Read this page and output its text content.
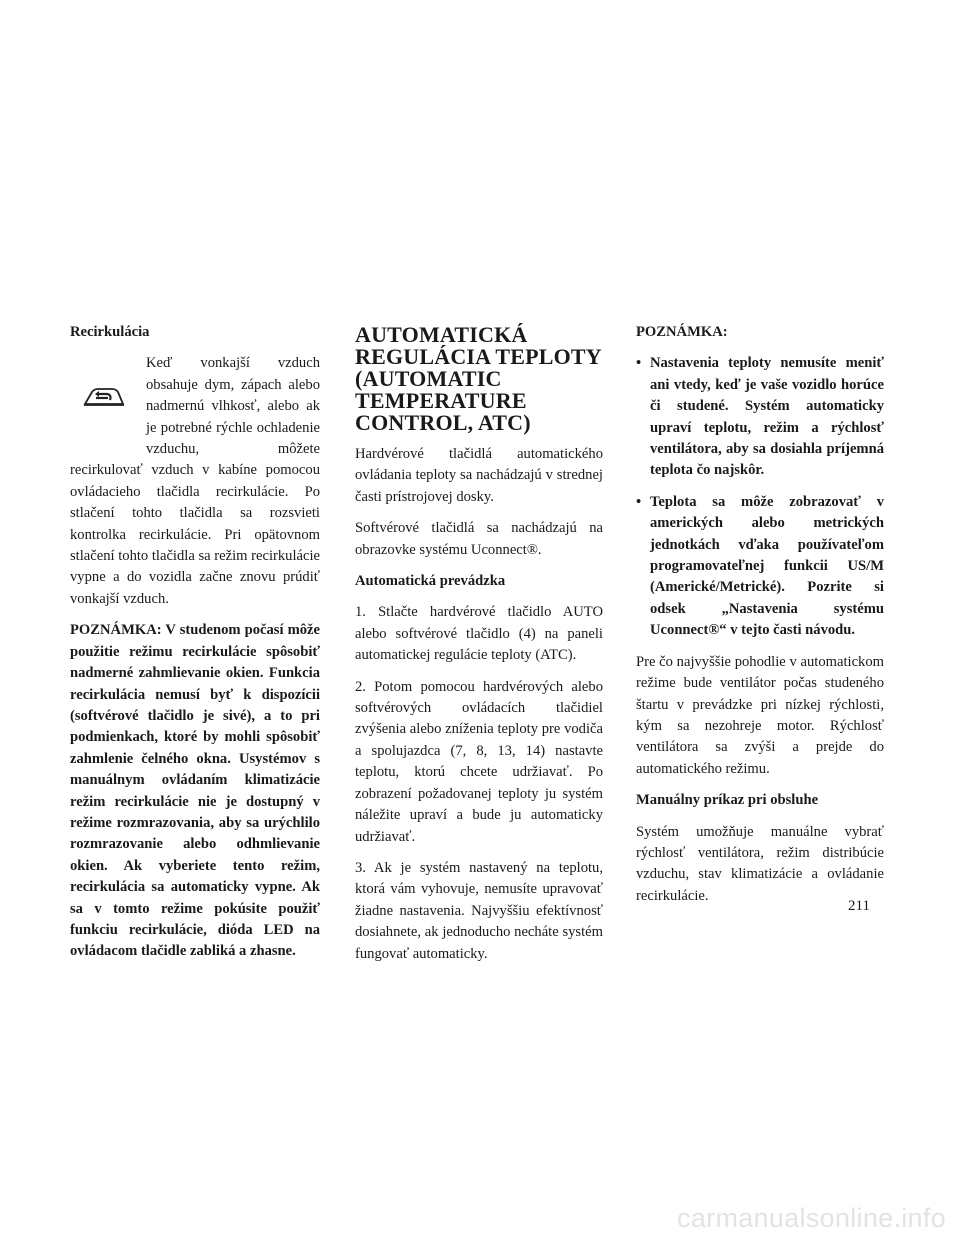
Recirkulácia

Keď vonkajší vzduch obsahuje dym, zápach alebo nadmernú vlhkosť, alebo ak je potrebné rýchle ochladenie vzduchu, môžete recirkulovať vzduch v kabíne pomocou ovládacieho tlačidla recirkulácie. Po stlačení tohto tlačidla sa rozsvieti kontrolka recirkulácie. Pri opätovnom stlačení tohto tlačidla sa režim recirkulácie vypne a do vozidla začne znovu prúdiť vonkajší vzduch.

POZNÁMKA: V studenom počasí môže použitie režimu recirkulácie spôsobiť nadmerné zahmlievanie okien. Funkcia recirkulácia nemusí byť k dispozícii (softvérové tlačidlo je sivé), a to pri podmienkach, ktoré by mohli spôsobiť zahmlenie čelného okna. Usystémov s manuálnym ovládaním klimatizácie režim recirkulácie nie je dostupný v režime rozmrazovania, aby sa urýchlilo rozmrazovanie alebo odhmlievanie okien. Ak vyberiete tento režim, recirkulácia sa automaticky vypne. Ak sa v tomto režime pokúsite použiť funkciu recirkulácie, dióda LED na ovládacom tlačidle zabliká a zhasne.

AUTOMATICKÁ
REGULÁCIA TEPLOTY
(AUTOMATIC
TEMPERATURE
CONTROL, ATC)

Hardvérové tlačidlá automatického ovládania teploty sa nachádzajú v strednej časti prístrojovej dosky.

Softvérové tlačidlá sa nachádzajú na obrazovke systému Uconnect®.

Automatická prevádzka

1. Stlačte hardvérové tlačidlo AUTO alebo softvérové tlačidlo (4) na paneli automatickej regulácie teploty (ATC).

2. Potom pomocou hardvérových alebo softvérových ovládacích tlačidiel zvýšenia alebo zníženia teploty pre vodiča a spolujazdca (7, 8, 13, 14) nastavte teplotu, ktorú chcete udržiavať. Po zobrazení požadovanej teploty ju systém náležite upraví a bude ju automaticky udržiavať.

3. Ak je systém nastavený na teplotu, ktorá vám vyhovuje, nemusíte upravovať žiadne nastavenia. Najvyššiu efektívnosť dosiahnete, ak jednoducho necháte systém fungovať automaticky.

POZNÁMKA:

• Nastavenia teploty nemusíte meniť ani vtedy, keď je vaše vozidlo horúce či studené. Systém automaticky upraví teplotu, režim a rýchlosť ventilátora, aby sa dosiahla príjemná teplota čo najskôr.
• Teplota sa môže zobrazovať v amerických alebo metrických jednotkách vďaka používateľom programovateľnej funkcii US/M (Americké/Metrické). Pozrite si odsek „Nastavenia systému Uconnect®“ v tejto časti návodu.

Pre čo najvyššie pohodlie v automatickom režime bude ventilátor počas studeného štartu v prevádzke pri nízkej rýchlosti, kým sa nezohreje motor. Rýchlosť ventilátora sa zvýši a prejde do automatického režimu.

Manuálny príkaz pri obsluhe

Systém umožňuje manuálne vybrať rýchlosť ventilátora, režim distribúcie vzduchu, stav klimatizácie a ovládanie recirkulácie.

211
carmanualsonline.info
